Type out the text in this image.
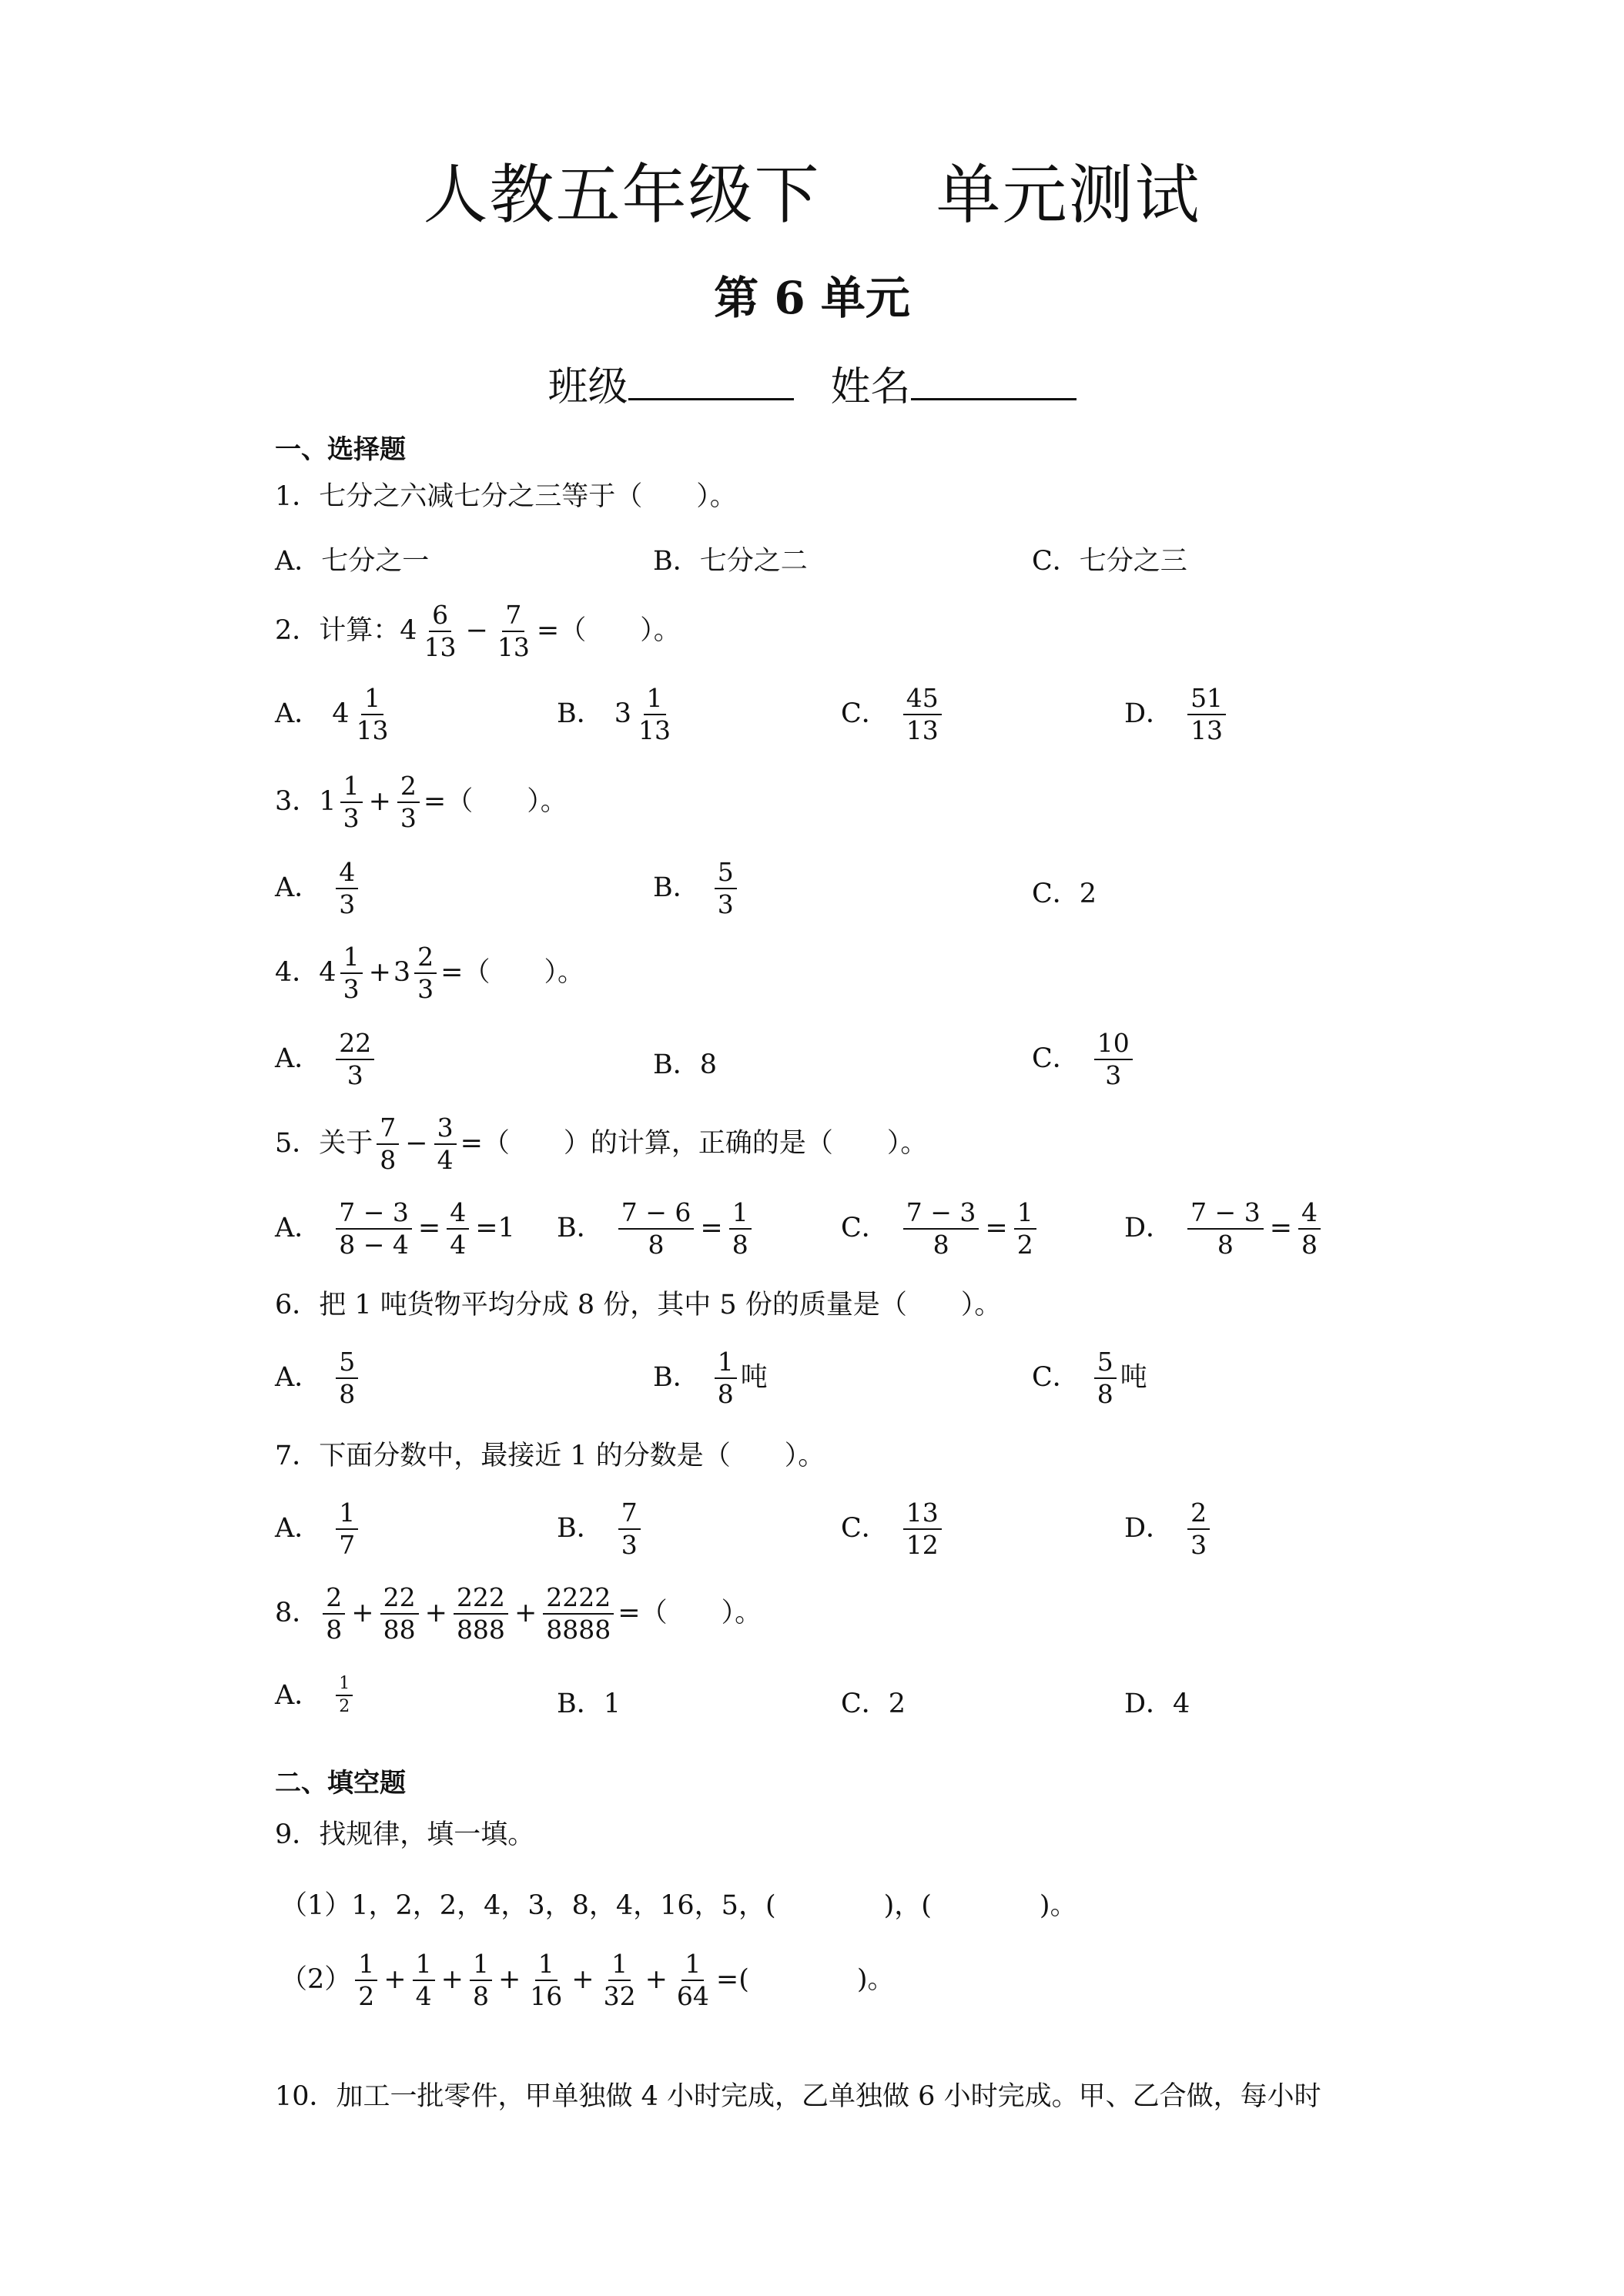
人教五年级下 单元测试
第 6 单元
班级	姓名
一、选择题
1．七分之六减七分之三等于（　　）。
A．七分之一	B．七分之二	C．七分之三
2．计算： $4 \frac{6}{13} - \frac{7}{13}$ =（　　）。
A． $4 \frac{1}{13}$	B． $3 \frac{1}{13}$	C． $\frac{45}{13}$	D． $\frac{51}{13}$
3． $1 \frac{1}{3} + \frac{2}{3}$ =（　　）。
A． $\frac{4}{3}$	B． $\frac{5}{3}$	C．2
4． $4 \frac{1}{3} + 3 \frac{2}{3}$ =（　　）。
A． $\frac{22}{3}$	B．8	C． $\frac{10}{3}$
5．关于 $\frac{7}{8} - \frac{3}{4}$ =（　　）的计算，正确的是（　　）。
A． $\frac{7 - 3}{8 - 4} = \frac{4}{4} =1$ B． $\frac{7 - 6}{8} = \frac{1}{8}$	C． $\frac{7 - 3}{8} = \frac{1}{2}$	D． $\frac{7 - 3}{8} = \frac{4}{8}$
6．把 1 吨货物平均分成 8 份，其中 5 份的质量是（　　）。
A． $\frac{5}{8}$	B． $\frac{1}{8}$ 吨	C． $\frac{5}{8}$ 吨
7．下面分数中，最接近 1 的分数是（　　）。
A． $\frac{1}{7}$	B． $\frac{7}{3}$	C． $\frac{13}{12}$	D． $\frac{2}{3}$
8． $\frac{2}{8} + \frac{22}{88} + \frac{222}{888} + \frac{2222}{8888}$ =（　　）。
A． $\frac{1}{2}$	B．1	C．2	D．4
二、填空题
9．找规律，填一填。
（1）1，2，2，4，3，8，4，16，5，(　　　　)，(　　　　)。
$(2) \frac{1}{2} + \frac{1}{4} + \frac{1}{8} + \frac{1}{16} + \frac{1}{32} + \frac{1}{64}$ =(　　　　)。
10．加工一批零件，甲单独做 4 小时完成，乙单独做 6 小时完成。甲、乙合做，每小时
